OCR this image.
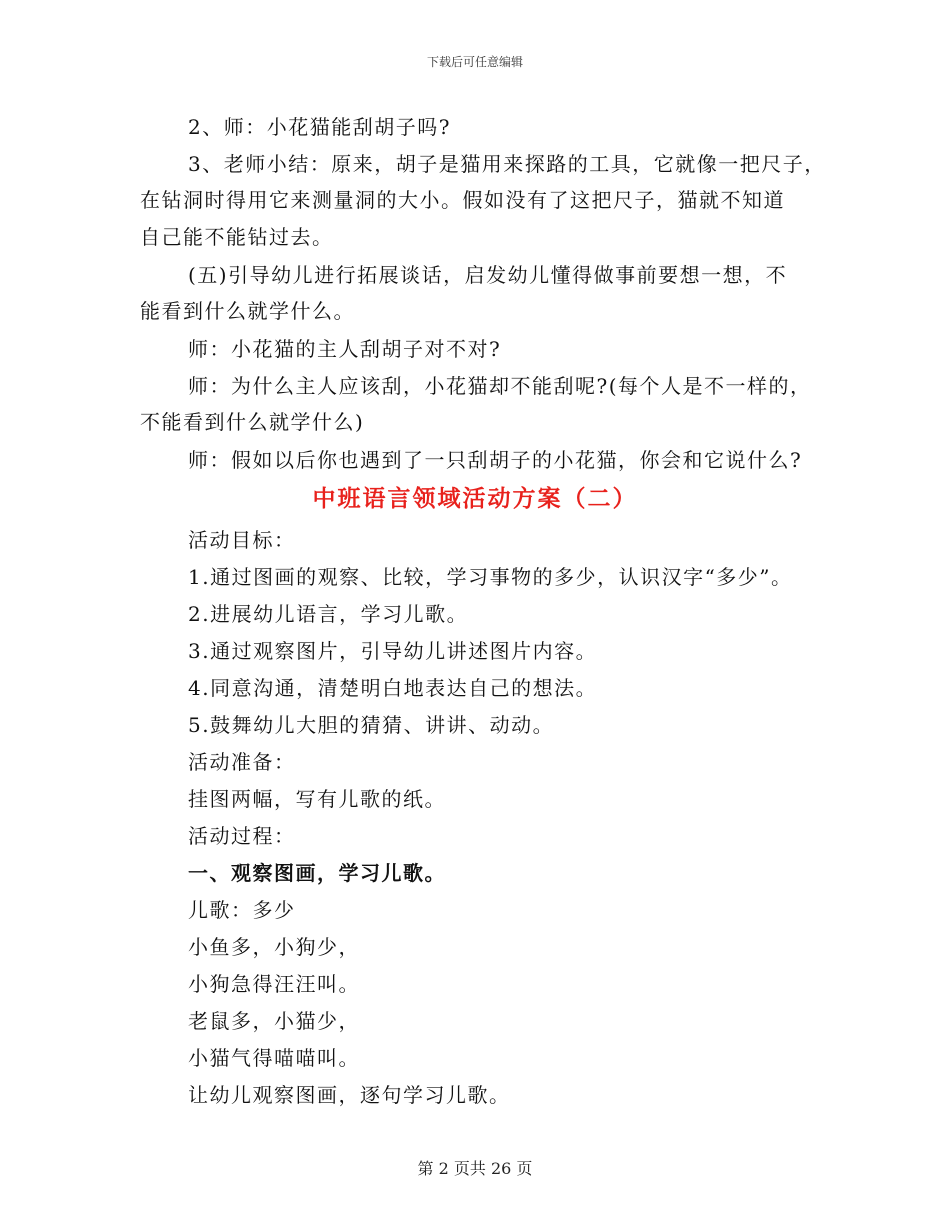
下载后可任意编辑
2、师：小花猫能刮胡子吗?
3、老师小结：原来，胡子是猫用来探路的工具，它就像一把尺子，
在钻洞时得用它来测量洞的大小。假如没有了这把尺子，猫就不知道
自己能不能钻过去。
(五)引导幼儿进行拓展谈话，启发幼儿懂得做事前要想一想，不
能看到什么就学什么。
师：小花猫的主人刮胡子对不对?
师：为什么主人应该刮，小花猫却不能刮呢?(每个人是不一样的，
不能看到什么就学什么)
师：假如以后你也遇到了一只刮胡子的小花猫，你会和它说什么?
中班语言领域活动方案（二）
活动目标：
1.通过图画的观察、比较，学习事物的多少，认识汉字“多少”。
2.进展幼儿语言，学习儿歌。
3.通过观察图片，引导幼儿讲述图片内容。
4.同意沟通，清楚明白地表达自己的想法。
5.鼓舞幼儿大胆的猜猜、讲讲、动动。
活动准备：
挂图两幅，写有儿歌的纸。
活动过程：
一、观察图画，学习儿歌。
儿歌：多少
小鱼多，小狗少，
小狗急得汪汪叫。
老鼠多，小猫少，
小猫气得喵喵叫。
让幼儿观察图画，逐句学习儿歌。
第 2 页共 26 页
